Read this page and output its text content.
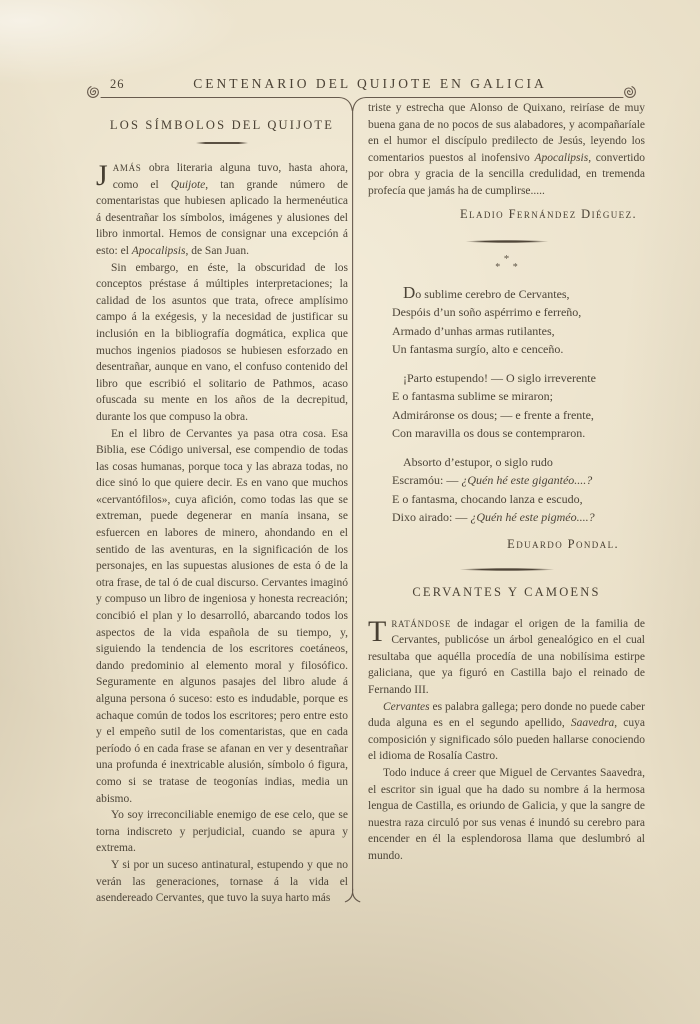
26	CENTENARIO DEL QUIJOTE EN GALICIA
LOS SÍMBOLOS DEL QUIJOTE

JAMÁS obra literaria alguna tuvo, hasta ahora, como el Quijote, tan grande número de comentaristas que hubiesen aplicado la hermenéutica á desentrañar los símbolos, imágenes y alusiones del libro inmortal. Hemos de consignar una excepción á esto: el Apocalipsis, de San Juan.

Sin embargo, en éste, la obscuridad de los conceptos préstase á múltiples interpretaciones; la calidad de los asuntos que trata, ofrece amplísimo campo á la exégesis, y la necesidad de justificar su inclusión en la bibliografía dogmática, explica que muchos ingenios piadosos se hubiesen esforzado en desentrañar, aunque en vano, el confuso contenido del libro que escribió el solitario de Pathmos, acaso ofuscada su mente en los años de la decrepitud, durante los que compuso la obra.

En el libro de Cervantes ya pasa otra cosa. Esa Biblia, ese Código universal, ese compendio de todas las cosas humanas, porque toca y las abraza todas, no dice sinó lo que quiere decir. Es en vano que muchos «cervantófilos», cuya afición, como todas las que se extreman, puede degenerar en manía insana, se esfuercen en labores de minero, ahondando en el sentido de las aventuras, en la significación de los personajes, en las supuestas alusiones de esta ó de la otra frase, de tal ó de cual discurso. Cervantes imaginó y compuso un libro de ingeniosa y honesta recreación; concibió el plan y lo desarrolló, abarcando todos los aspectos de la vida española de su tiempo, y, siguiendo la tendencia de los escritores coetáneos, dando predominio al elemento moral y filosófico. Seguramente en algunos pasajes del libro alude á alguna persona ó suceso: esto es indudable, porque es achaque común de todos los escritores; pero entre esto y el empeño sutil de los comentaristas, que en cada período ó en cada frase se afanan en ver y desentrañar una profunda é inextricable alusión, símbolo ó figura, como si se tratase de teogonías indias, media un abismo.

Yo soy irreconciliable enemigo de ese celo, que se torna indiscreto y perjudicial, cuando se apura y extrema.

Y si por un suceso antinatural, estupendo y que no verán las generaciones, tornase á la vida el asendereado Cervantes, que tuvo la suya harto más

triste y estrecha que Alonso de Quixano, reiríase de muy buena gana de no pocos de sus alabadores, y acompañaríale en el humor el discípulo predilecto de Jesús, leyendo los comentarios puestos al inofensivo Apocalipsis, convertido por obra y gracia de la sencilla credulidad, en tremenda profecía que jamás ha de cumplirse.....

Eladio Fernández Diéguez.
*
* *
Do sublime cerebro de Cervantes,
Despóis d’un soño aspérrimo e ferreño,
Armado d’unhas armas rutilantes,
Un fantasma surgío, alto e cenceño.
¡Parto estupendo! — O siglo irreverente
E o fantasma sublime se miraron;
Admiráronse os dous; — e frente a frente,
Con maravilla os dous se contempraron.
Absorto d’estupor, o siglo rudo
Escramóu: — ¿Quén hé este gigantéo....?
E o fantasma, chocando lanza e escudo,
Dixo airado: — ¿Quén hé este pigméo....?
Eduardo Pondal.
CERVANTES Y CAMOENS

TRATÁNDOSE de indagar el origen de la familia de Cervantes, publicóse un árbol genealógico en el cual resultaba que aquélla procedía de una nobilísima estirpe galiciana, que ya figuró en Castilla bajo el reinado de Fernando III.

Cervantes es palabra gallega; pero donde no puede caber duda alguna es en el segundo apellido, Saavedra, cuya composición y significado sólo pueden hallarse conociendo el idioma de Rosalía Castro.

Todo induce á creer que Miguel de Cervantes Saavedra, el escritor sin igual que ha dado su nombre á la hermosa lengua de Castilla, es oriundo de Galicia, y que la sangre de nuestra raza circuló por sus venas é inundó su cerebro para encender en él la esplendorosa llama que deslumbró al mundo.
